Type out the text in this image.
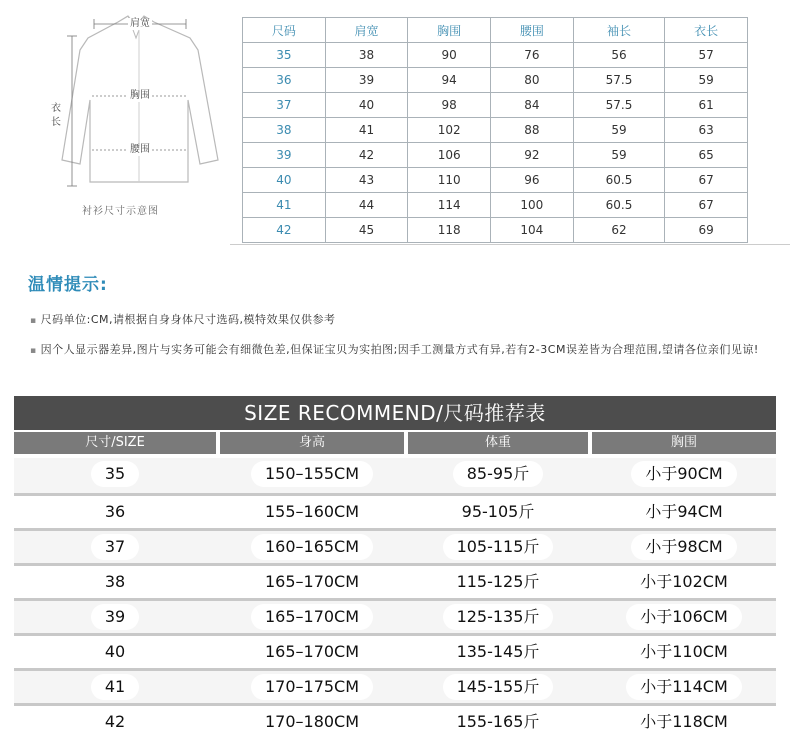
肩宽
胸围
腰围
衣长
衬衫尺寸示意图
尺码	肩宽	胸围	腰围	袖长	衣长
35	38	90	76	56	57
36	39	94	80	57.5	59
37	40	98	84	57.5	61
38	41	102	88	59	63
39	42	106	92	59	65
40	43	110	96	60.5	67
41	44	114	100	60.5	67
42	45	118	104	62	69
温情提示:
▪ 尺码单位:CM,请根据自身身体尺寸选码,模特效果仅供参考
▪ 因个人显示器差异,图片与实务可能会有细微色差,但保证宝贝为实拍图;因手工测量方式有异,若有2-3CM误差皆为合理范围,望请各位亲们见谅!
SIZE RECOMMEND/尺码推荐表
尺寸/SIZE	身高	体重	胸围
35	150–155CM	85-95斤	小于90CM
36	155–160CM	95-105斤	小于94CM
37	160–165CM	105-115斤	小于98CM
38	165–170CM	115-125斤	小于102CM
39	165–170CM	125-135斤	小于106CM
40	165–170CM	135-145斤	小于110CM
41	170–175CM	145-155斤	小于114CM
42	170–180CM	155-165斤	小于118CM
